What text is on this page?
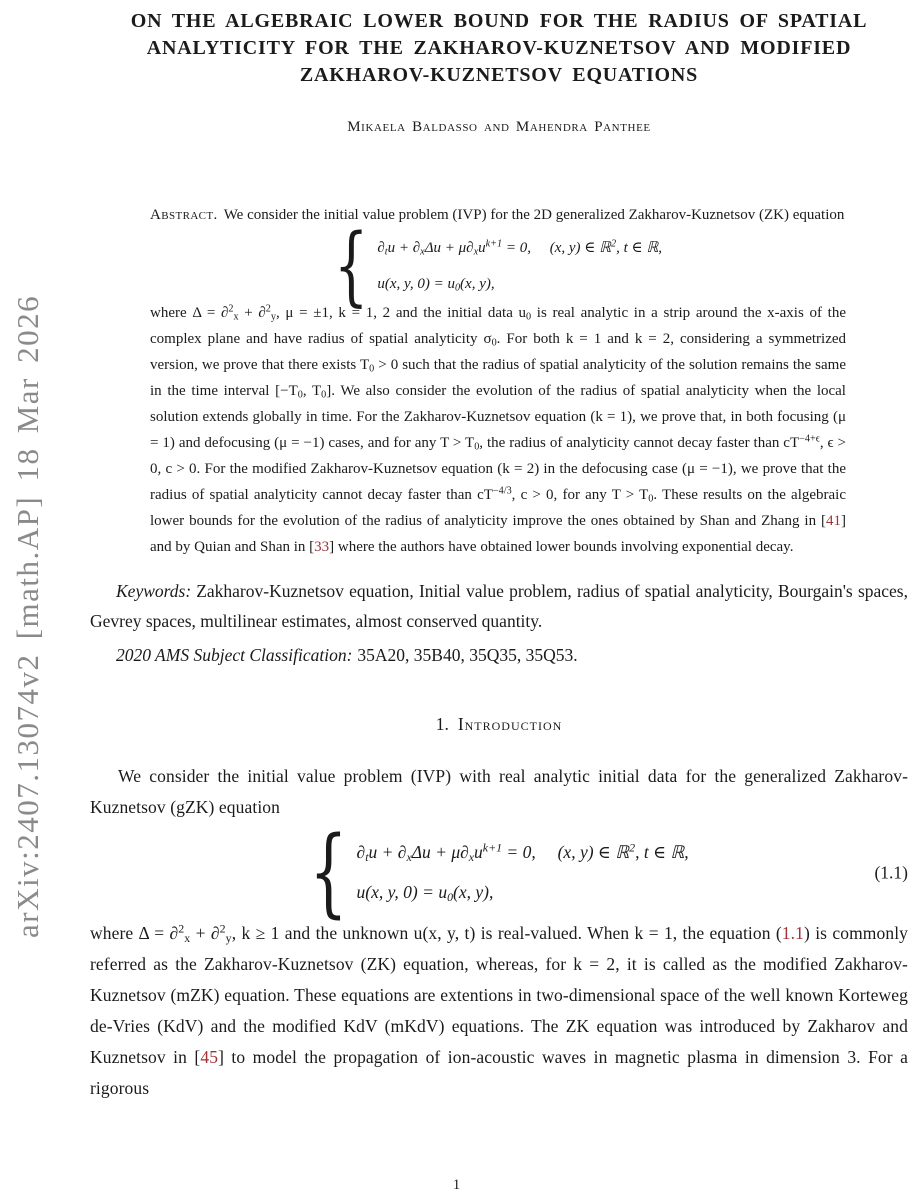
arXiv:2407.13074v2 [math.AP] 18 Mar 2026
ON THE ALGEBRAIC LOWER BOUND FOR THE RADIUS OF SPATIAL
ANALYTICITY FOR THE ZAKHAROV-KUZNETSOV AND MODIFIED
ZAKHAROV-KUZNETSOV EQUATIONS
Mikaela Baldasso and Mahendra Panthee
Abstract. We consider the initial value problem (IVP) for the 2D generalized Zakharov-Kuznetsov (ZK) equation
{ $\partial_tu + \partial_x\Delta u + \mu\partial_xu^{k+1} = 0$,     (x, y) ∈ ℝ$^2$, t ∈ ℝ,
u(x, y, $0) = u_0(x$, y),
where Δ = ∂$^2_x$ + ∂$^2_y$, μ = ±1, k = 1, 2 and the initial data $u_0$ is real analytic in a strip around the x-axis of the complex plane and have radius of spatial analyticity $\sigma_0$. For both k = 1 and k = 2, considering a symmetrized version, we prove that there exists $T_0 > 0$ such that the radius of spatial analyticity of the solution remains the same in the time interval [$-T_0$, $T_0$]. We also consider the evolution of the radius of spatial analyticity when the local solution extends globally in time. For the Zakharov-Kuznetsov equation (k = 1), we prove that, in both focusing (μ = 1) and defocusing (μ = −1) cases, and for any $T > T_0$, the radius of analyticity cannot decay faster than $cT^{-4+\epsilon}$, ϵ > 0, c > 0. For the modified Zakharov-Kuznetsov equation (k = 2) in the defocusing case (μ = −1), we prove that the radius of spatial analyticity cannot decay faster than $cT^{-4/3}$, c > 0, for any $T > T_0$. These results on the algebraic lower bounds for the evolution of the radius of analyticity improve the ones obtained by Shan and Zhang in [41] and by Quian and Shan in [33] where the authors have obtained lower bounds involving exponential decay.
Keywords: Zakharov-Kuznetsov equation, Initial value problem, radius of spatial analyticity, Bourgain's spaces, Gevrey spaces, multilinear estimates, almost conserved quantity.
2020 AMS Subject Classification: 35A20, 35B40, 35Q35, 35Q53.
1. Introduction
We consider the initial value problem (IVP) with real analytic initial data for the generalized Zakharov-Kuznetsov (gZK) equation
{ $\partial_tu + \partial_x\Delta u + \mu\partial_xu^{k+1} = 0$,     (x, y) ∈ ℝ$^2$, t ∈ ℝ,
u(x, y, $0) = u_0(x$, y),
(1.1)
where Δ = ∂$^2_x$ + ∂$^2_y$, k ≥ 1 and the unknown u(x, y, t) is real-valued. When k = 1, the equation (1.1) is commonly referred as the Zakharov-Kuznetsov (ZK) equation, whereas, for k = 2, it is called as the modified Zakharov-Kuznetsov (mZK) equation. These equations are extentions in two-dimensional space of the well known Korteweg de-Vries (KdV) and the modified KdV (mKdV) equations. The ZK equation was introduced by Zakharov and Kuznetsov in [45] to model the propagation of ion-acoustic waves in magnetic plasma in dimension 3. For a rigorous
1
